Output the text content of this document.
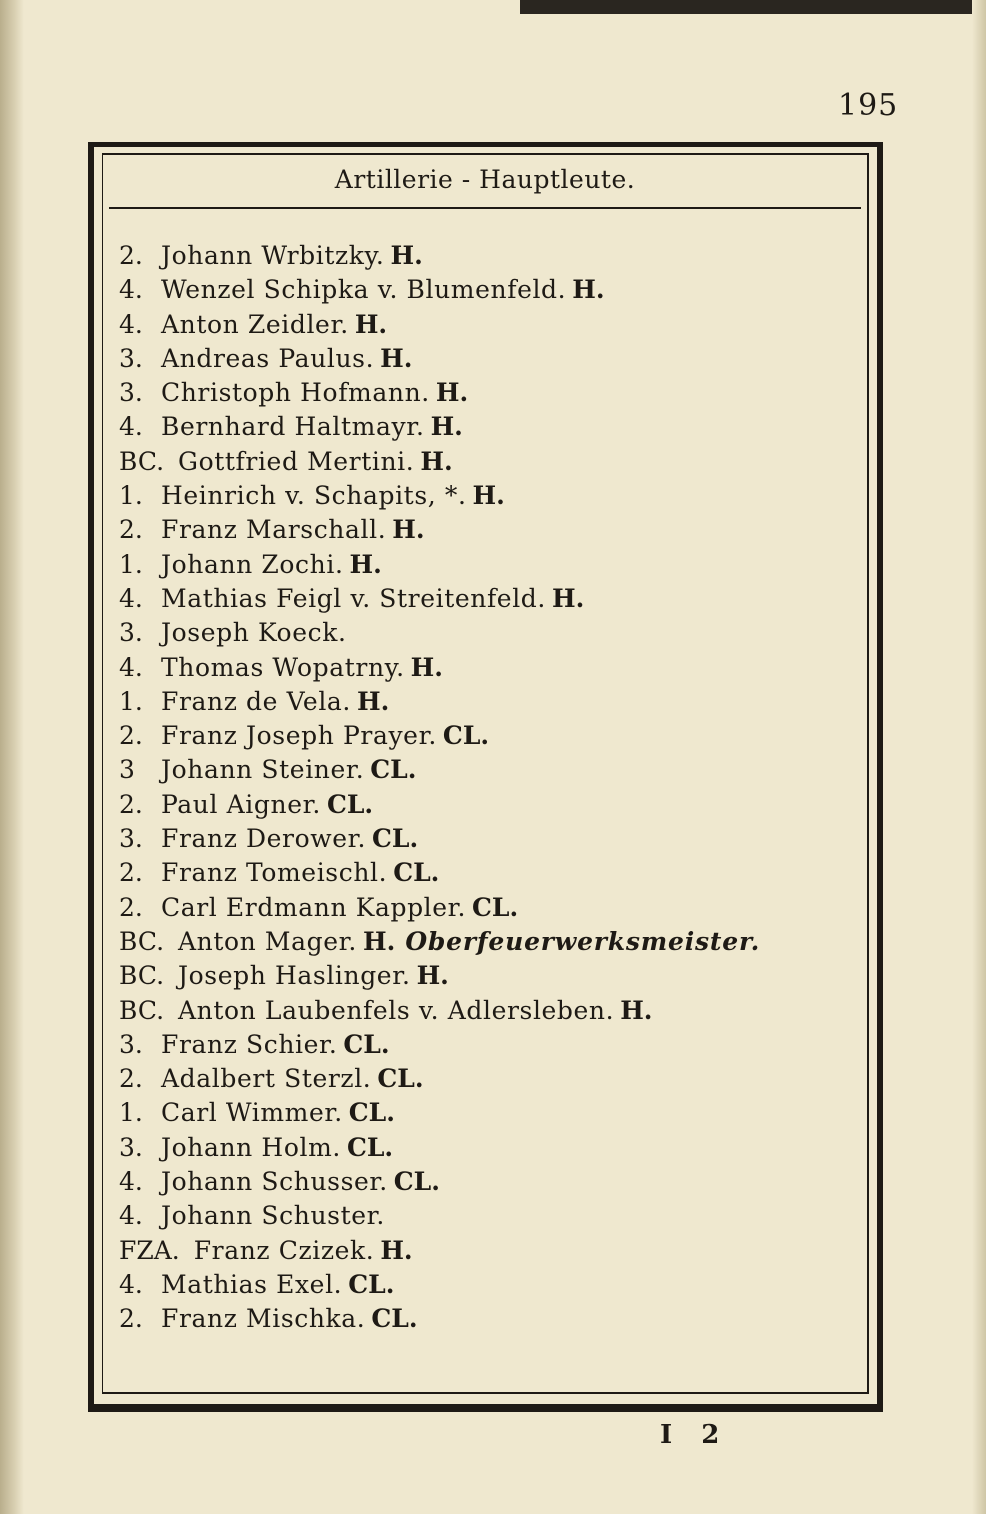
195
Artillerie - Hauptleute.
2. Johann Wrbitzky. H.
4. Wenzel Schipka v. Blumenfeld. H.
4. Anton Zeidler. H.
3. Andreas Paulus. H.
3. Christoph Hofmann. H.
4. Bernhard Haltmayr. H.
BC. Gottfried Mertini. H.
1. Heinrich v. Schapits, *. H.
2. Franz Marschall. H.
1. Johann Zochi. H.
4. Mathias Feigl v. Streitenfeld. H.
3. Joseph Koeck.
4. Thomas Wopatrny. H.
1. Franz de Vela. H.
2. Franz Joseph Prayer. CL.
3 Johann Steiner. CL.
2. Paul Aigner. CL.
3. Franz Derower. CL.
2. Franz Tomeischl. CL.
2. Carl Erdmann Kappler. CL.
BC. Anton Mager. H. Oberfeuerwerksmeister.
BC. Joseph Haslinger. H.
BC. Anton Laubenfels v. Adlersleben. H.
3. Franz Schier. CL.
2. Adalbert Sterzl. CL.
1. Carl Wimmer. CL.
3. Johann Holm. CL.
4. Johann Schusser. CL.
4. Johann Schuster.
FZA. Franz Czizek. H.
4. Mathias Exel. CL.
2. Franz Mischka. CL.
I 2
